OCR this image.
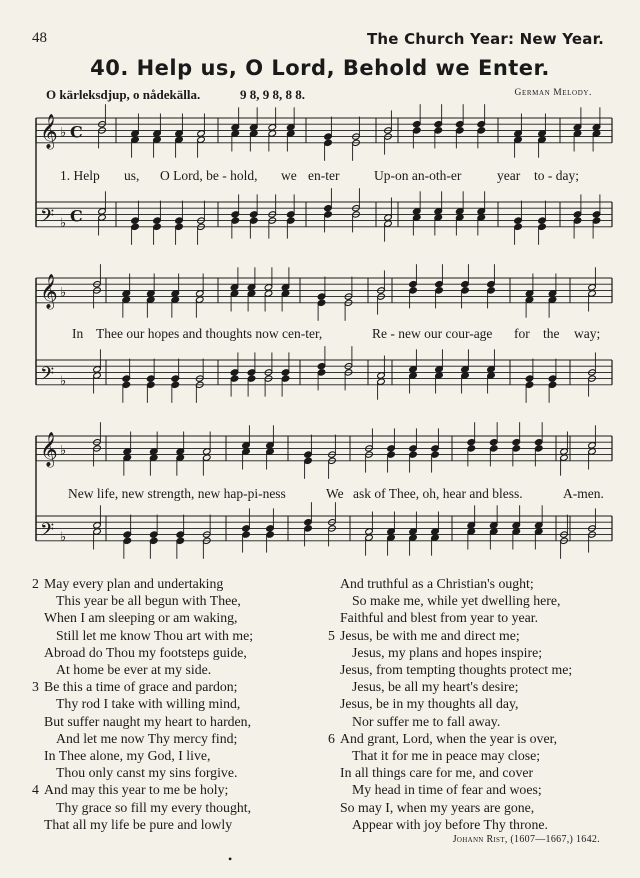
48	The Church Year: New Year.
40. Help us, O Lord, Behold we Enter.
O kärleksdjup, o nådekälla.	9 8, 9 8, 8 8.	German Melody.
𝄞 ♭ C
𝄢 ♭ C
𝄞 ♭
𝄢 ♭
𝄞 ♭
𝄢 ♭
1. Help us, O Lord, be - hold, we en-ter	Up-on an-oth-er	year to - day;
In Thee our hopes and thoughts now cen-ter,	Re - new our cour-age for the way;
New life, new strength, new hap-pi-ness	We ask of Thee, oh, hear and bless.	A-men.
2 May every plan and undertaking
This year be all begun with Thee,
When I am sleeping or am waking,
Still let me know Thou art with me;
Abroad do Thou my footsteps guide,
At home be ever at my side.
3 Be this a time of grace and pardon;
Thy rod I take with willing mind,
But suffer naught my heart to harden,
And let me now Thy mercy find;
In Thee alone, my God, I live,
Thou only canst my sins forgive.
4 And may this year to me be holy;
Thy grace so fill my every thought,
That all my life be pure and lowly
And truthful as a Christian's ought;
So make me, while yet dwelling here,
Faithful and blest from year to year.
5 Jesus, be with me and direct me;
Jesus, my plans and hopes inspire;
Jesus, from tempting thoughts protect me;
Jesus, be all my heart's desire;
Jesus, be in my thoughts all day,
Nor suffer me to fall away.
6 And grant, Lord, when the year is over,
That it for me in peace may close;
In all things care for me, and cover
My head in time of fear and woes;
So may I, when my years are gone,
Appear with joy before Thy throne.
Johann Rist, (1607—1667,) 1642.
•
